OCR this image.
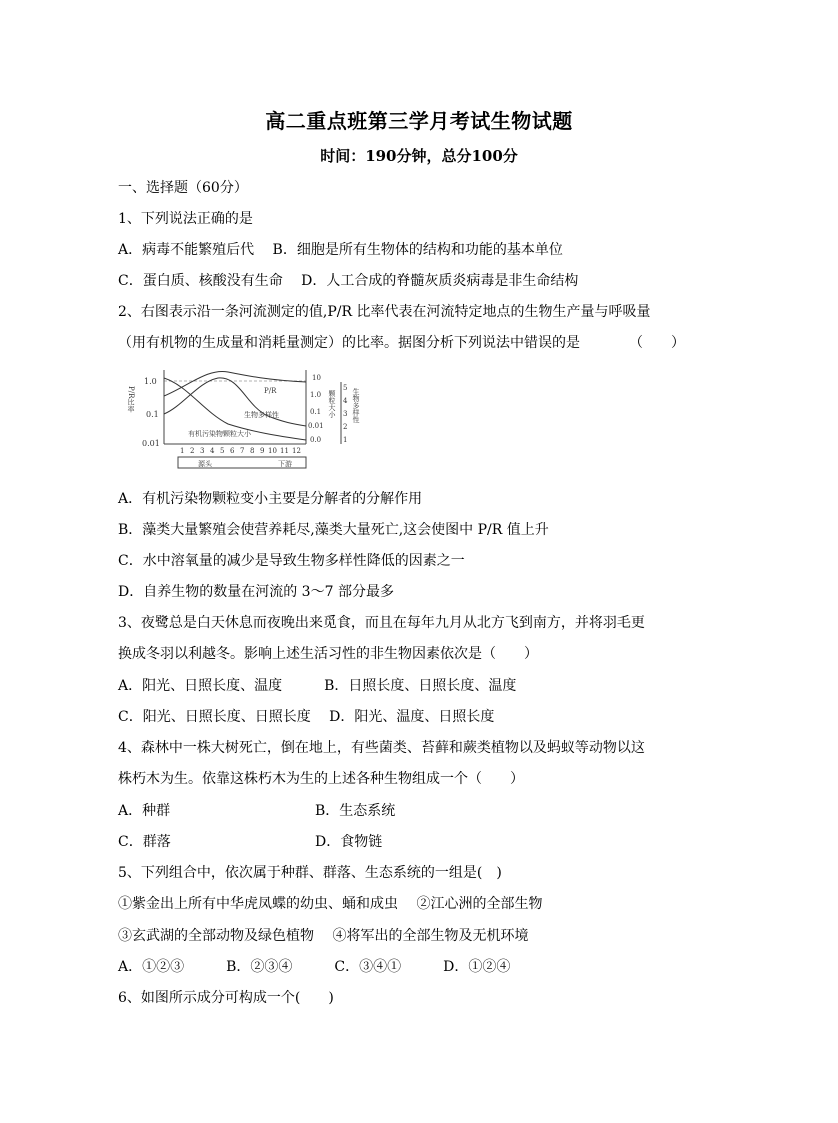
高二重点班第三学月考试生物试题
时间：190分钟，总分100分
一、选择题（60分）
1、下列说法正确的是
A．病毒不能繁殖后代　 B．细胞是所有生物体的结构和功能的基本单位
C．蛋白质、核酸没有生命　 D．人工合成的脊髓灰质炎病毒是非生命结构
2、右图表示沿一条河流测定的值,P/R 比率代表在河流特定地点的生物生产量与呼吸量
（用有机物的生成量和消耗量测定）的比率。据图分析下列说法中错误的是　　　　（　　）
P/R比率
1.0
0.1
0.01
P/R
生物多样性
有机污染物颗粒大小
10
1.0
0.1
0.01
0.0
颗粒大小
5
4
3
2
1
生物多样性
1 2 3 4 5 6 7 8 9 10 11 12
源头	下游
A．有机污染物颗粒变小主要是分解者的分解作用
B．藻类大量繁殖会使营养耗尽,藻类大量死亡,这会使图中 P/R 值上升
C．水中溶氧量的减少是导致生物多样性降低的因素之一
D．自养生物的数量在河流的 3～7 部分最多
3、夜鹭总是白天休息而夜晚出来觅食，而且在每年九月从北方飞到南方，并将羽毛更
换成冬羽以利越冬。影响上述生活习性的非生物因素依次是（　　）
A．阳光、日照长度、温度　　　B．日照长度、日照长度、温度
C．阳光、日照长度、日照长度　 D．阳光、温度、日照长度
4、森林中一株大树死亡，倒在地上，有些菌类、苔藓和蕨类植物以及蚂蚁等动物以这
株朽木为生。依靠这株朽木为生的上述各种生物组成一个（　　）
A．种群	B．生态系统
C．群落	D．食物链
5、下列组合中，依次属于种群、群落、生态系统的一组是(　)
①紫金出上所有中华虎凤蝶的幼虫、蛹和成虫　 ②江心洲的全部生物
③玄武湖的全部动物及绿色植物　 ④将军出的全部生物及无机环境
A．①②③　　　B．②③④　　　C．③④①　　　D．①②④
6、如图所示成分可构成一个(　　)
